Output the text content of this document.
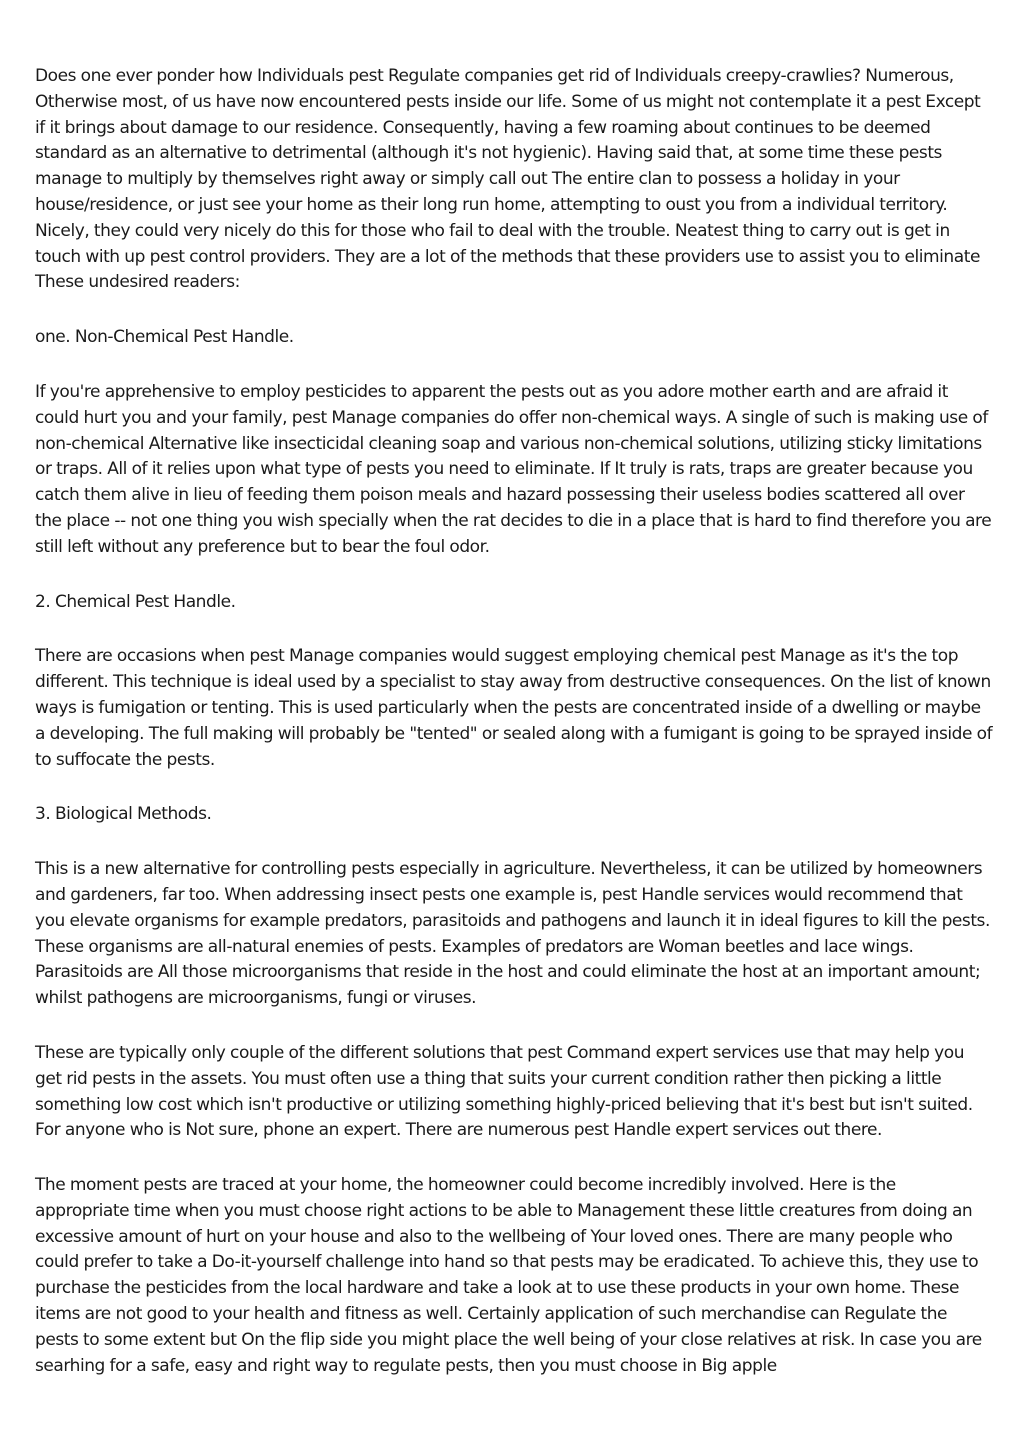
Does one ever ponder how Individuals pest Regulate companies get rid of Individuals creepy-crawlies? Numerous, Otherwise most, of us have now encountered pests inside our life. Some of us might not contemplate it a pest Except if it brings about damage to our residence. Consequently, having a few roaming about continues to be deemed standard as an alternative to detrimental (although it's not hygienic). Having said that, at some time these pests manage to multiply by themselves right away or simply call out The entire clan to possess a holiday in your house/residence, or just see your home as their long run home, attempting to oust you from a individual territory. Nicely, they could very nicely do this for those who fail to deal with the trouble. Neatest thing to carry out is get in touch with up pest control providers. They are a lot of the methods that these providers use to assist you to eliminate These undesired readers:

one. Non-Chemical Pest Handle.

If you're apprehensive to employ pesticides to apparent the pests out as you adore mother earth and are afraid it could hurt you and your family, pest Manage companies do offer non-chemical ways. A single of such is making use of non-chemical Alternative like insecticidal cleaning soap and various non-chemical solutions, utilizing sticky limitations or traps. All of it relies upon what type of pests you need to eliminate. If It truly is rats, traps are greater because you catch them alive in lieu of feeding them poison meals and hazard possessing their useless bodies scattered all over the place -- not one thing you wish specially when the rat decides to die in a place that is hard to find therefore you are still left without any preference but to bear the foul odor.

2. Chemical Pest Handle.

There are occasions when pest Manage companies would suggest employing chemical pest Manage as it's the top different. This technique is ideal used by a specialist to stay away from destructive consequences. On the list of known ways is fumigation or tenting. This is used particularly when the pests are concentrated inside of a dwelling or maybe a developing. The full making will probably be "tented" or sealed along with a fumigant is going to be sprayed inside of to suffocate the pests.

3. Biological Methods.

This is a new alternative for controlling pests especially in agriculture. Nevertheless, it can be utilized by homeowners and gardeners, far too. When addressing insect pests one example is, pest Handle services would recommend that you elevate organisms for example predators, parasitoids and pathogens and launch it in ideal figures to kill the pests. These organisms are all-natural enemies of pests. Examples of predators are Woman beetles and lace wings. Parasitoids are All those microorganisms that reside in the host and could eliminate the host at an important amount; whilst pathogens are microorganisms, fungi or viruses.

These are typically only couple of the different solutions that pest Command expert services use that may help you get rid pests in the assets. You must often use a thing that suits your current condition rather then picking a little something low cost which isn't productive or utilizing something highly-priced believing that it's best but isn't suited. For anyone who is Not sure, phone an expert. There are numerous pest Handle expert services out there.

The moment pests are traced at your home, the homeowner could become incredibly involved. Here is the appropriate time when you must choose right actions to be able to Management these little creatures from doing an excessive amount of hurt on your house and also to the wellbeing of Your loved ones. There are many people who could prefer to take a Do-it-yourself challenge into hand so that pests may be eradicated. To achieve this, they use to purchase the pesticides from the local hardware and take a look at to use these products in your own home. These items are not good to your health and fitness as well. Certainly application of such merchandise can Regulate the pests to some extent but On the flip side you might place the well being of your close relatives at risk. In case you are searhing for a safe, easy and right way to regulate pests, then you must choose in Big apple
